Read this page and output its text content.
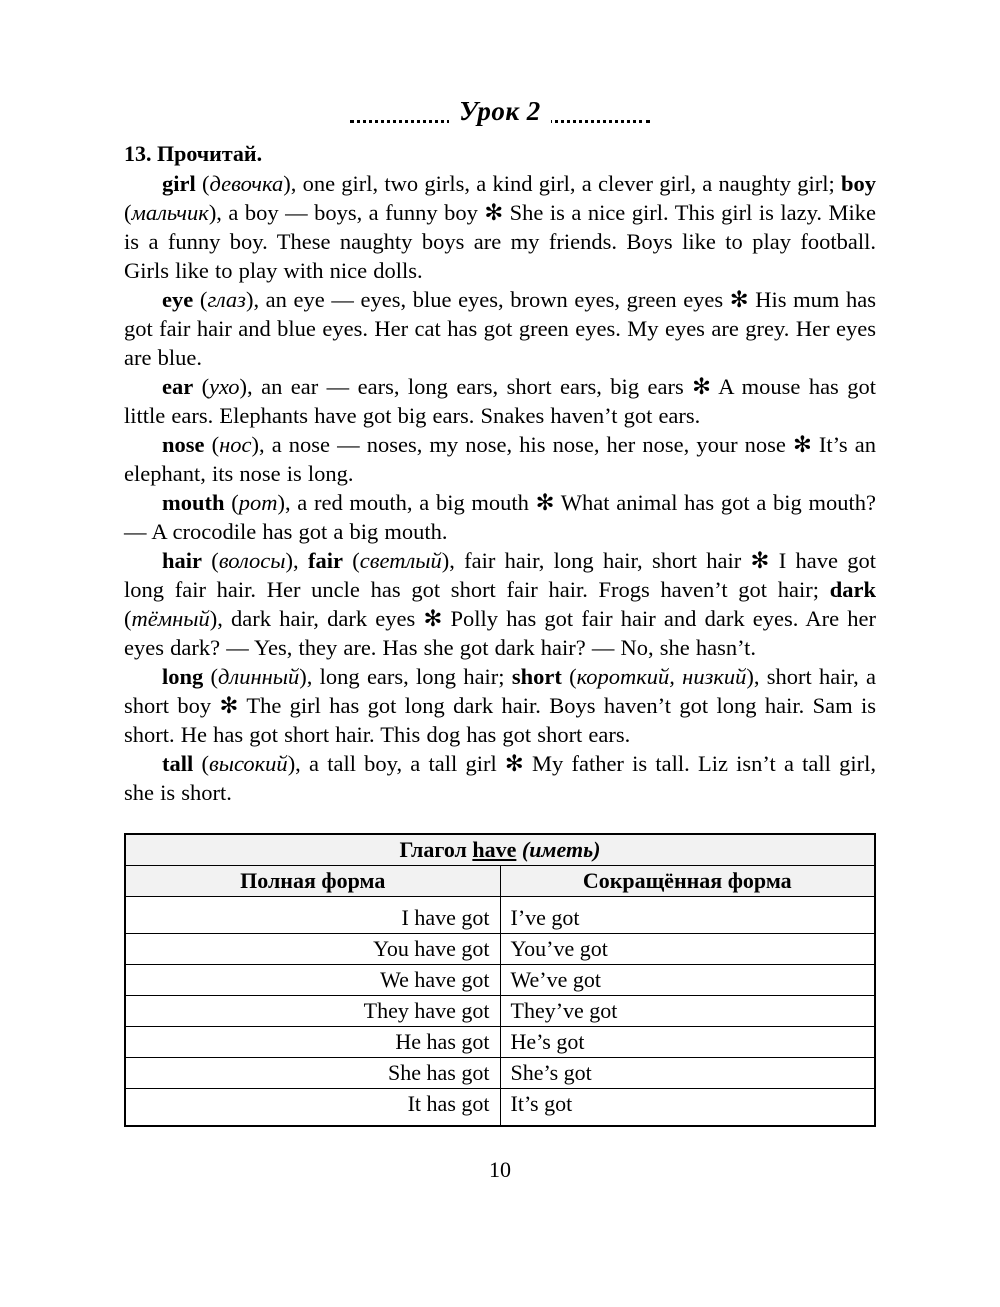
Урок 2
13. Прочитай.

girl (девочка), one girl, two girls, a kind girl, a clever girl, a naughty girl; boy (мальчик), a boy — boys, a funny boy ✻ She is a nice girl. This girl is lazy. Mike is a funny boy. These naughty boys are my friends. Boys like to play football. Girls like to play with nice dolls.

eye (глаз), an eye — eyes, blue eyes, brown eyes, green eyes ✻ His mum has got fair hair and blue eyes. Her cat has got green eyes. My eyes are grey. Her eyes are blue.

ear (ухо), an ear — ears, long ears, short ears, big ears ✻ A mouse has got little ears. Elephants have got big ears. Snakes haven’t got ears.

nose (нос), a nose — noses, my nose, his nose, her nose, your nose ✻ It’s an elephant, its nose is long.

mouth (рот), a red mouth, a big mouth ✻ What animal has got a big mouth? — A crocodile has got a big mouth.

hair (волосы), fair (светлый), fair hair, long hair, short hair ✻ I have got long fair hair. Her uncle has got short fair hair. Frogs haven’t got hair; dark (тёмный), dark hair, dark eyes ✻ Polly has got fair hair and dark eyes. Are her eyes dark? — Yes, they are. Has she got dark hair? — No, she hasn’t.

long (длинный), long ears, long hair; short (короткий, низкий), short hair, a short boy ✻ The girl has got long dark hair. Boys haven’t got long hair. Sam is short. He has got short hair. This dog has got short ears.

tall (высокий), a tall boy, a tall girl ✻ My father is tall. Liz isn’t a tall girl, she is short.

Глагол have (иметь)	
Полная форма	Сокращённая форма
I have got	I’ve got
You have got	You’ve got
We have got	We’ve got
They have got	They’ve got
He has got	He’s got
She has got	She’s got
It has got	It’s got
10
